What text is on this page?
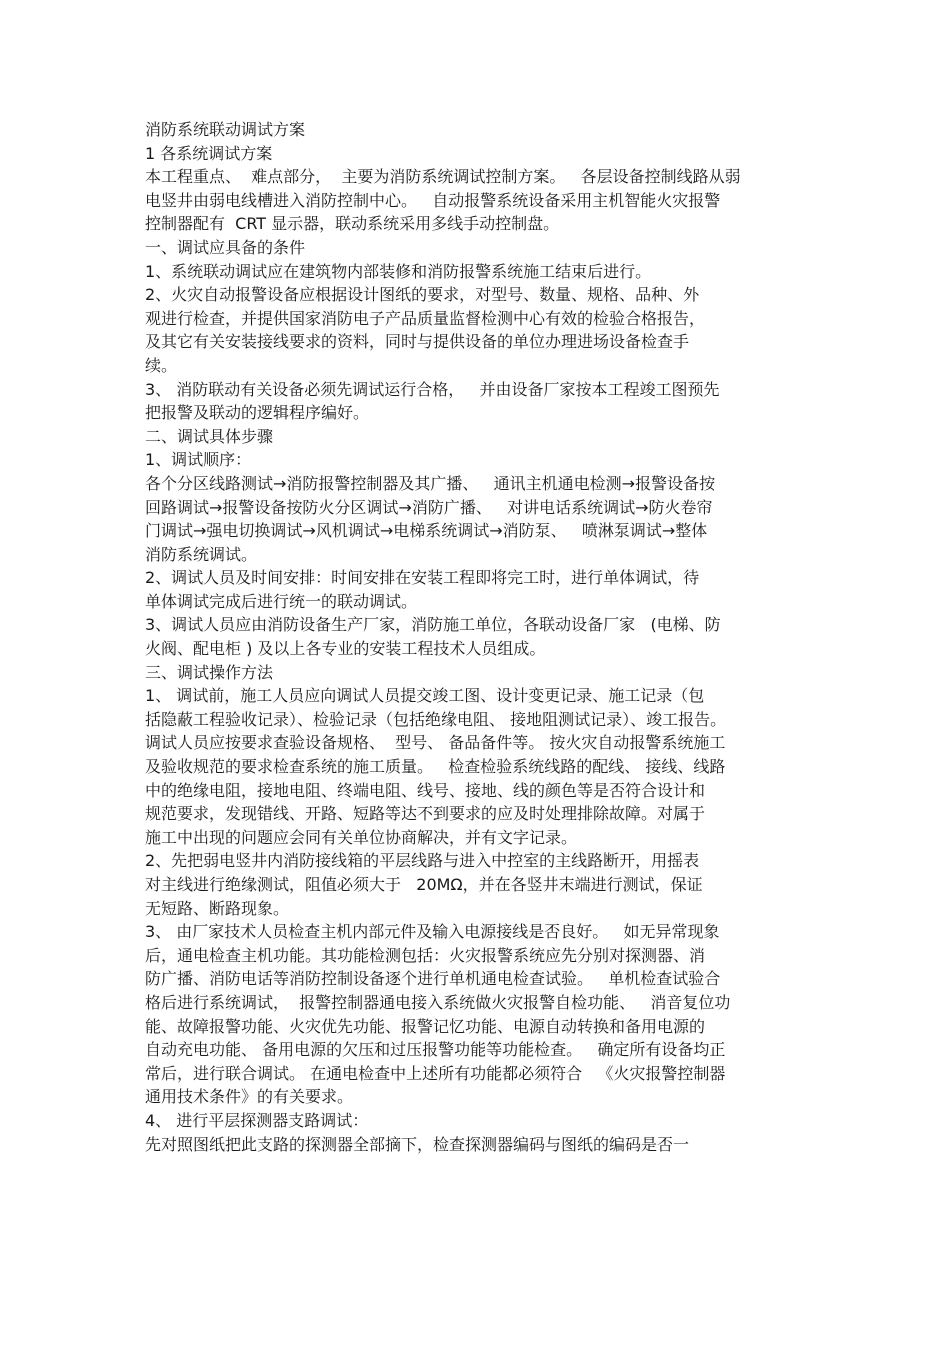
消防系统联动调试方案
1 各系统调试方案
本工程重点、  难点部分，  主要为消防系统调试控制方案。   各层设备控制线路从弱
电竖井由弱电线槽进入消防控制中心。   自动报警系统设备采用主机智能火灾报警
控制器配有  CRT 显示器，联动系统采用多线手动控制盘。
一、调试应具备的条件
1、系统联动调试应在建筑物内部装修和消防报警系统施工结束后进行。
2、火灾自动报警设备应根据设计图纸的要求，对型号、数量、规格、品种、外
观进行检查，并提供国家消防电子产品质量监督检测中心有效的检验合格报告，
及其它有关安装接线要求的资料，同时与提供设备的单位办理进场设备检查手
续。
3、 消防联动有关设备必须先调试运行合格，   并由设备厂家按本工程竣工图预先
把报警及联动的逻辑程序编好。
二、调试具体步骤
1、调试顺序：
各个分区线路测试→消防报警控制器及其广播、   通讯主机通电检测→报警设备按
回路调试→报警设备按防火分区调试→消防广播、   对讲电话系统调试→防火卷帘
门调试→强电切换调试→风机调试→电梯系统调试→消防泵、   喷淋泵调试→整体
消防系统调试。
2、调试人员及时间安排：时间安排在安装工程即将完工时，进行单体调试，待
单体调试完成后进行统一的联动调试。
3、调试人员应由消防设备生产厂家，消防施工单位，各联动设备厂家   (电梯、防
火阀、配电柜 ) 及以上各专业的安装工程技术人员组成。
三、调试操作方法
1、 调试前，施工人员应向调试人员提交竣工图、设计变更记录、施工记录（包
括隐蔽工程验收记录）、检验记录（包括绝缘电阻、 接地阻测试记录）、竣工报告。
调试人员应按要求查验设备规格、  型号、 备品备件等。 按火灾自动报警系统施工
及验收规范的要求检查系统的施工质量。   检查检验系统线路的配线、 接线、线路
中的绝缘电阻，接地电阻、终端电阻、线号、接地、线的颜色等是否符合设计和
规范要求，发现错线、开路、短路等达不到要求的应及时处理排除故障。对属于
施工中出现的问题应会同有关单位协商解决，并有文字记录。
2、先把弱电竖井内消防接线箱的平层线路与进入中控室的主线路断开，用摇表
对主线进行绝缘测试，阻值必须大于   20MΩ，并在各竖井末端进行测试，保证
无短路、断路现象。
3、 由厂家技术人员检查主机内部元件及输入电源接线是否良好。   如无异常现象
后，通电检查主机功能。其功能检测包括：火灾报警系统应先分别对探测器、消
防广播、消防电话等消防控制设备逐个进行单机通电检查试验。   单机检查试验合
格后进行系统调试，  报警控制器通电接入系统做火灾报警自检功能、   消音复位功
能、故障报警功能、火灾优先功能、报警记忆功能、电源自动转换和备用电源的
自动充电功能、 备用电源的欠压和过压报警功能等功能检查。   确定所有设备均正
常后，进行联合调试。 在通电检查中上述所有功能都必须符合   《火灾报警控制器
通用技术条件》的有关要求。
4、 进行平层探测器支路调试：
先对照图纸把此支路的探测器全部摘下，检查探测器编码与图纸的编码是否一
